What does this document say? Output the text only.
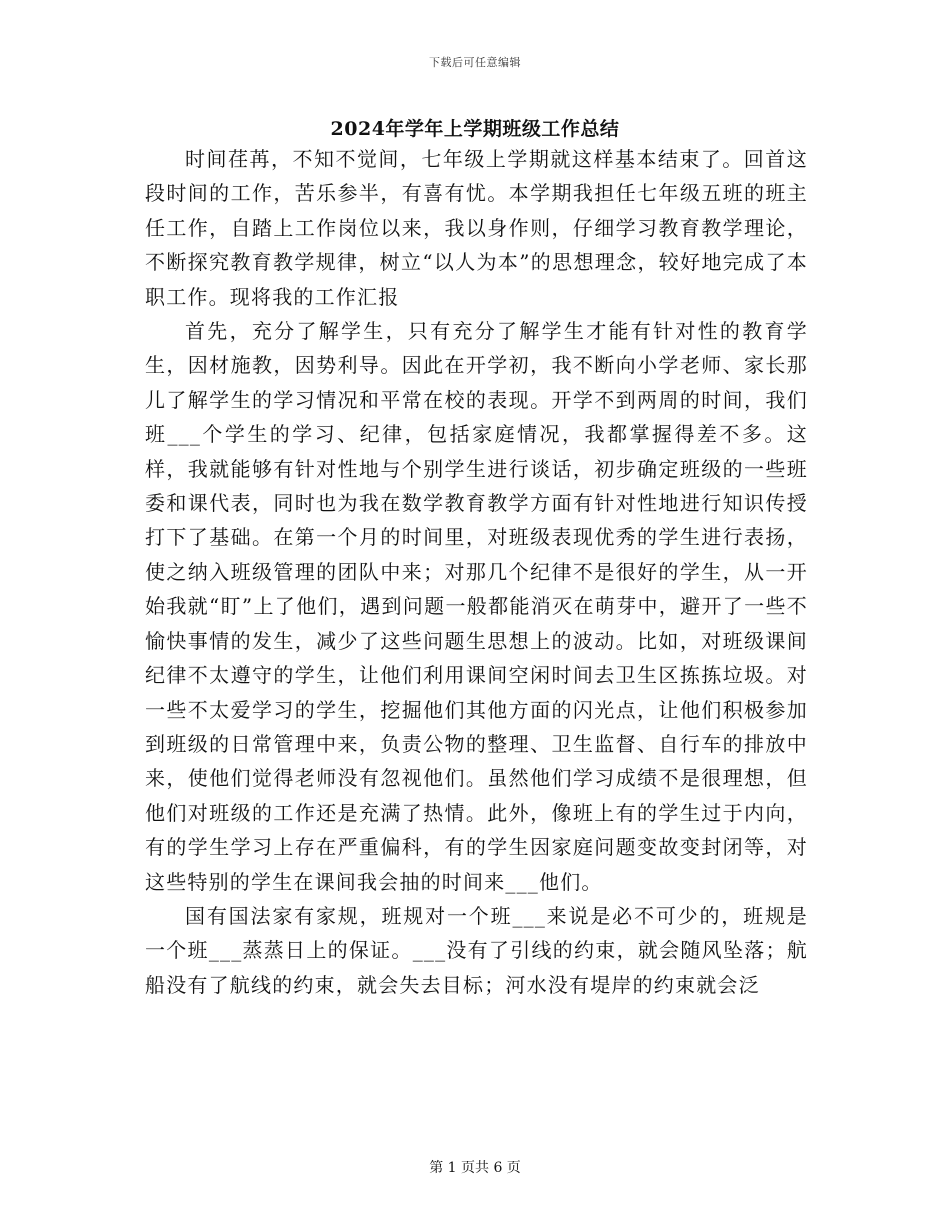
下载后可任意编辑
2024年学年上学期班级工作总结

时间荏苒，不知不觉间，七年级上学期就这样基本结束了。回首这段时间的工作，苦乐参半，有喜有忧。本学期我担任七年级五班的班主任工作，自踏上工作岗位以来，我以身作则，仔细学习教育教学理论，不断探究教育教学规律，树立“以人为本”的思想理念，较好地完成了本职工作。现将我的工作汇报

首先，充分了解学生，只有充分了解学生才能有针对性的教育学生，因材施教，因势利导。因此在开学初，我不断向小学老师、家长那儿了解学生的学习情况和平常在校的表现。开学不到两周的时间，我们班___个学生的学习、纪律，包括家庭情况，我都掌握得差不多。这样，我就能够有针对性地与个别学生进行谈话，初步确定班级的一些班委和课代表，同时也为我在数学教育教学方面有针对性地进行知识传授打下了基础。在第一个月的时间里，对班级表现优秀的学生进行表扬，使之纳入班级管理的团队中来；对那几个纪律不是很好的学生，从一开始我就“盯”上了他们，遇到问题一般都能消灭在萌芽中，避开了一些不愉快事情的发生，减少了这些问题生思想上的波动。比如，对班级课间纪律不太遵守的学生，让他们利用课间空闲时间去卫生区拣拣垃圾。对一些不太爱学习的学生，挖掘他们其他方面的闪光点，让他们积极参加到班级的日常管理中来，负责公物的整理、卫生监督、自行车的排放中来，使他们觉得老师没有忽视他们。虽然他们学习成绩不是很理想，但他们对班级的工作还是充满了热情。此外，像班上有的学生过于内向，有的学生学习上存在严重偏科，有的学生因家庭问题变故变封闭等，对这些特别的学生在课间我会抽的时间来___他们。

国有国法家有家规，班规对一个班___来说是必不可少的，班规是一个班___蒸蒸日上的保证。___没有了引线的约束，就会随风坠落；航船没有了航线的约束，就会失去目标；河水没有堤岸的约束就会泛

第 1 页共 6 页
